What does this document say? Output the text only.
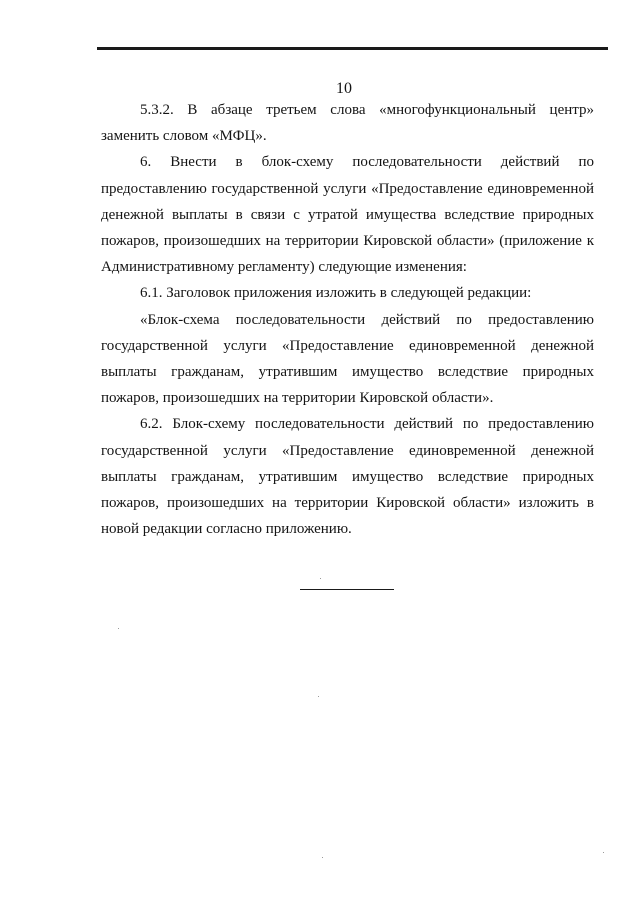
10

5.3.2. В абзаце третьем слова «многофункциональный центр» заменить словом «МФЦ».

6. Внести в блок-схему последовательности действий по предоставлению государственной услуги «Предоставление единовременной денежной выплаты в связи с утратой имущества вследствие природных пожаров, произошедших на территории Кировской области» (приложение к Административному регламенту) следующие изменения:

6.1. Заголовок приложения изложить в следующей редакции:

«Блок-схема последовательности действий по предоставлению государственной услуги «Предоставление единовременной денежной выплаты гражданам, утратившим имущество вследствие природных пожаров, произошедших на территории Кировской области».

6.2. Блок-схему последовательности действий по предоставлению государственной услуги «Предоставление единовременной денежной выплаты гражданам, утратившим имущество вследствие природных пожаров, произошедших на территории Кировской области» изложить в новой редакции согласно приложению.
